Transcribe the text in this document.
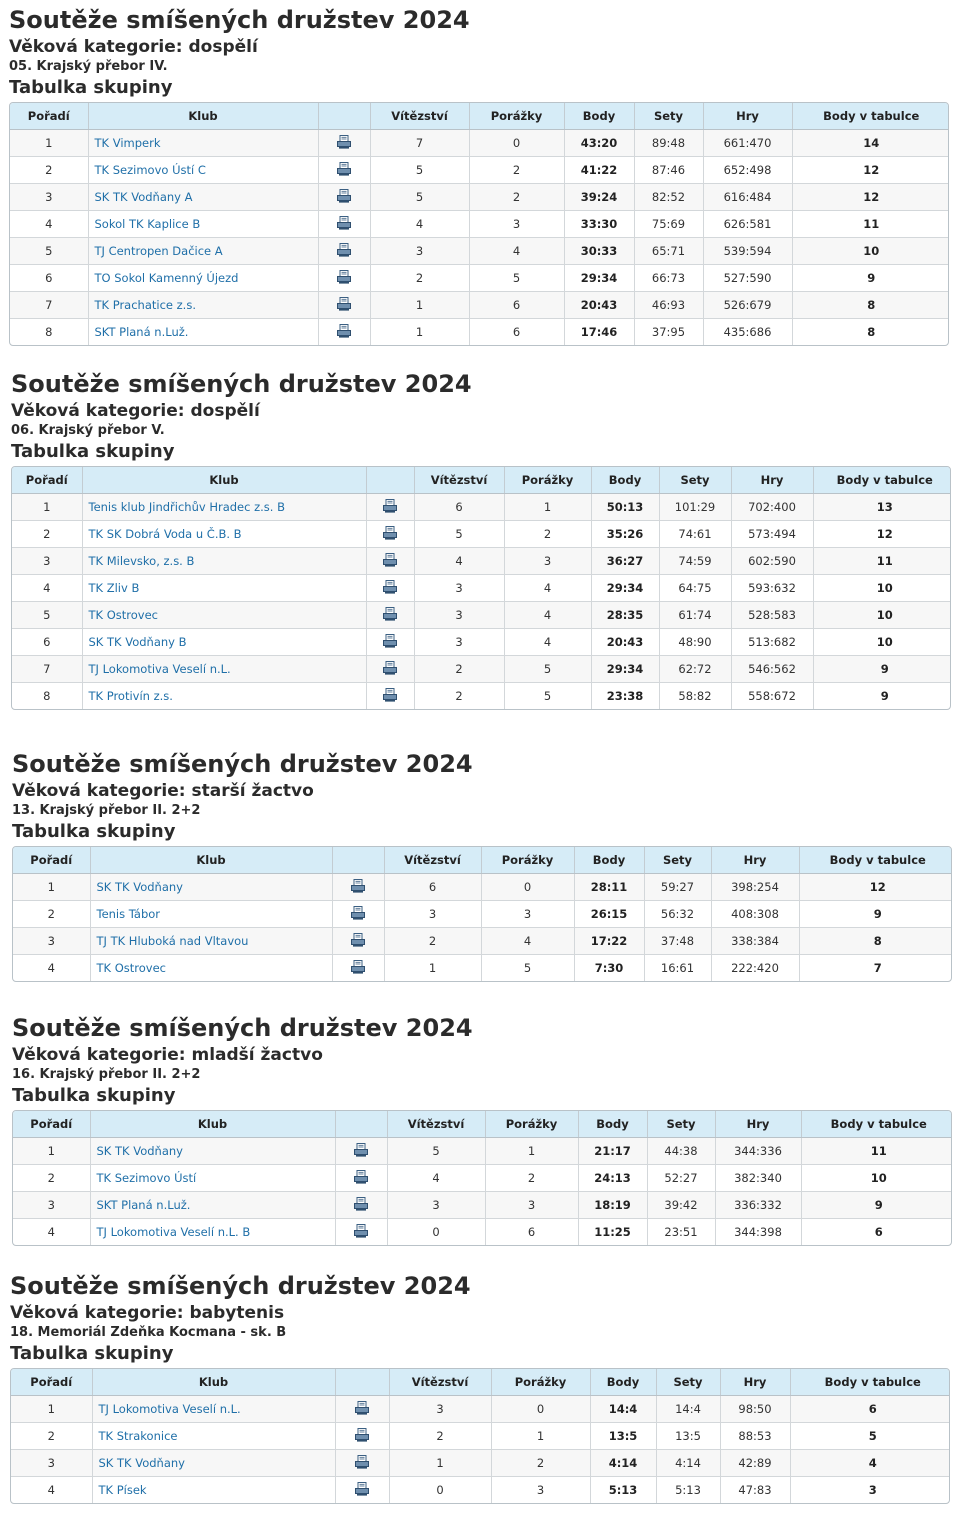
Soutěže smíšených družstev 2024
Věková kategorie: dospělí
05. Krajský přebor IV.
Tabulka skupiny
Pořadí	Klub		Vítězství	Porážky	Body	Sety	Hry	Body v tabulce
1	TK Vimperk		7	0	43:20	89:48	661:470	14
2	TK Sezimovo Ústí C		5	2	41:22	87:46	652:498	12
3	SK TK Vodňany A		5	2	39:24	82:52	616:484	12
4	Sokol TK Kaplice B		4	3	33:30	75:69	626:581	11
5	TJ Centropen Dačice A		3	4	30:33	65:71	539:594	10
6	TO Sokol Kamenný Újezd		2	5	29:34	66:73	527:590	9
7	TK Prachatice z.s.		1	6	20:43	46:93	526:679	8
8	SKT Planá n.Luž.		1	6	17:46	37:95	435:686	8
Soutěže smíšených družstev 2024
Věková kategorie: dospělí
06. Krajský přebor V.
Tabulka skupiny
Pořadí	Klub		Vítězství	Porážky	Body	Sety	Hry	Body v tabulce
1	Tenis klub Jindřichův Hradec z.s. B		6	1	50:13	101:29	702:400	13
2	TK SK Dobrá Voda u Č.B. B		5	2	35:26	74:61	573:494	12
3	TK Milevsko, z.s. B		4	3	36:27	74:59	602:590	11
4	TK Zliv B		3	4	29:34	64:75	593:632	10
5	TK Ostrovec		3	4	28:35	61:74	528:583	10
6	SK TK Vodňany B		3	4	20:43	48:90	513:682	10
7	TJ Lokomotiva Veselí n.L.		2	5	29:34	62:72	546:562	9
8	TK Protivín z.s.		2	5	23:38	58:82	558:672	9
Soutěže smíšených družstev 2024
Věková kategorie: starší žactvo
13. Krajský přebor II. 2+2
Tabulka skupiny
Pořadí	Klub		Vítězství	Porážky	Body	Sety	Hry	Body v tabulce
1	SK TK Vodňany		6	0	28:11	59:27	398:254	12
2	Tenis Tábor		3	3	26:15	56:32	408:308	9
3	TJ TK Hluboká nad Vltavou		2	4	17:22	37:48	338:384	8
4	TK Ostrovec		1	5	7:30	16:61	222:420	7
Soutěže smíšených družstev 2024
Věková kategorie: mladší žactvo
16. Krajský přebor II. 2+2
Tabulka skupiny
Pořadí	Klub		Vítězství	Porážky	Body	Sety	Hry	Body v tabulce
1	SK TK Vodňany		5	1	21:17	44:38	344:336	11
2	TK Sezimovo Ústí		4	2	24:13	52:27	382:340	10
3	SKT Planá n.Luž.		3	3	18:19	39:42	336:332	9
4	TJ Lokomotiva Veselí n.L. B		0	6	11:25	23:51	344:398	6
Soutěže smíšených družstev 2024
Věková kategorie: babytenis
18. Memoriál Zdeňka Kocmana - sk. B
Tabulka skupiny
Pořadí	Klub		Vítězství	Porážky	Body	Sety	Hry	Body v tabulce
1	TJ Lokomotiva Veselí n.L.		3	0	14:4	14:4	98:50	6
2	TK Strakonice		2	1	13:5	13:5	88:53	5
3	SK TK Vodňany		1	2	4:14	4:14	42:89	4
4	TK Písek		0	3	5:13	5:13	47:83	3
